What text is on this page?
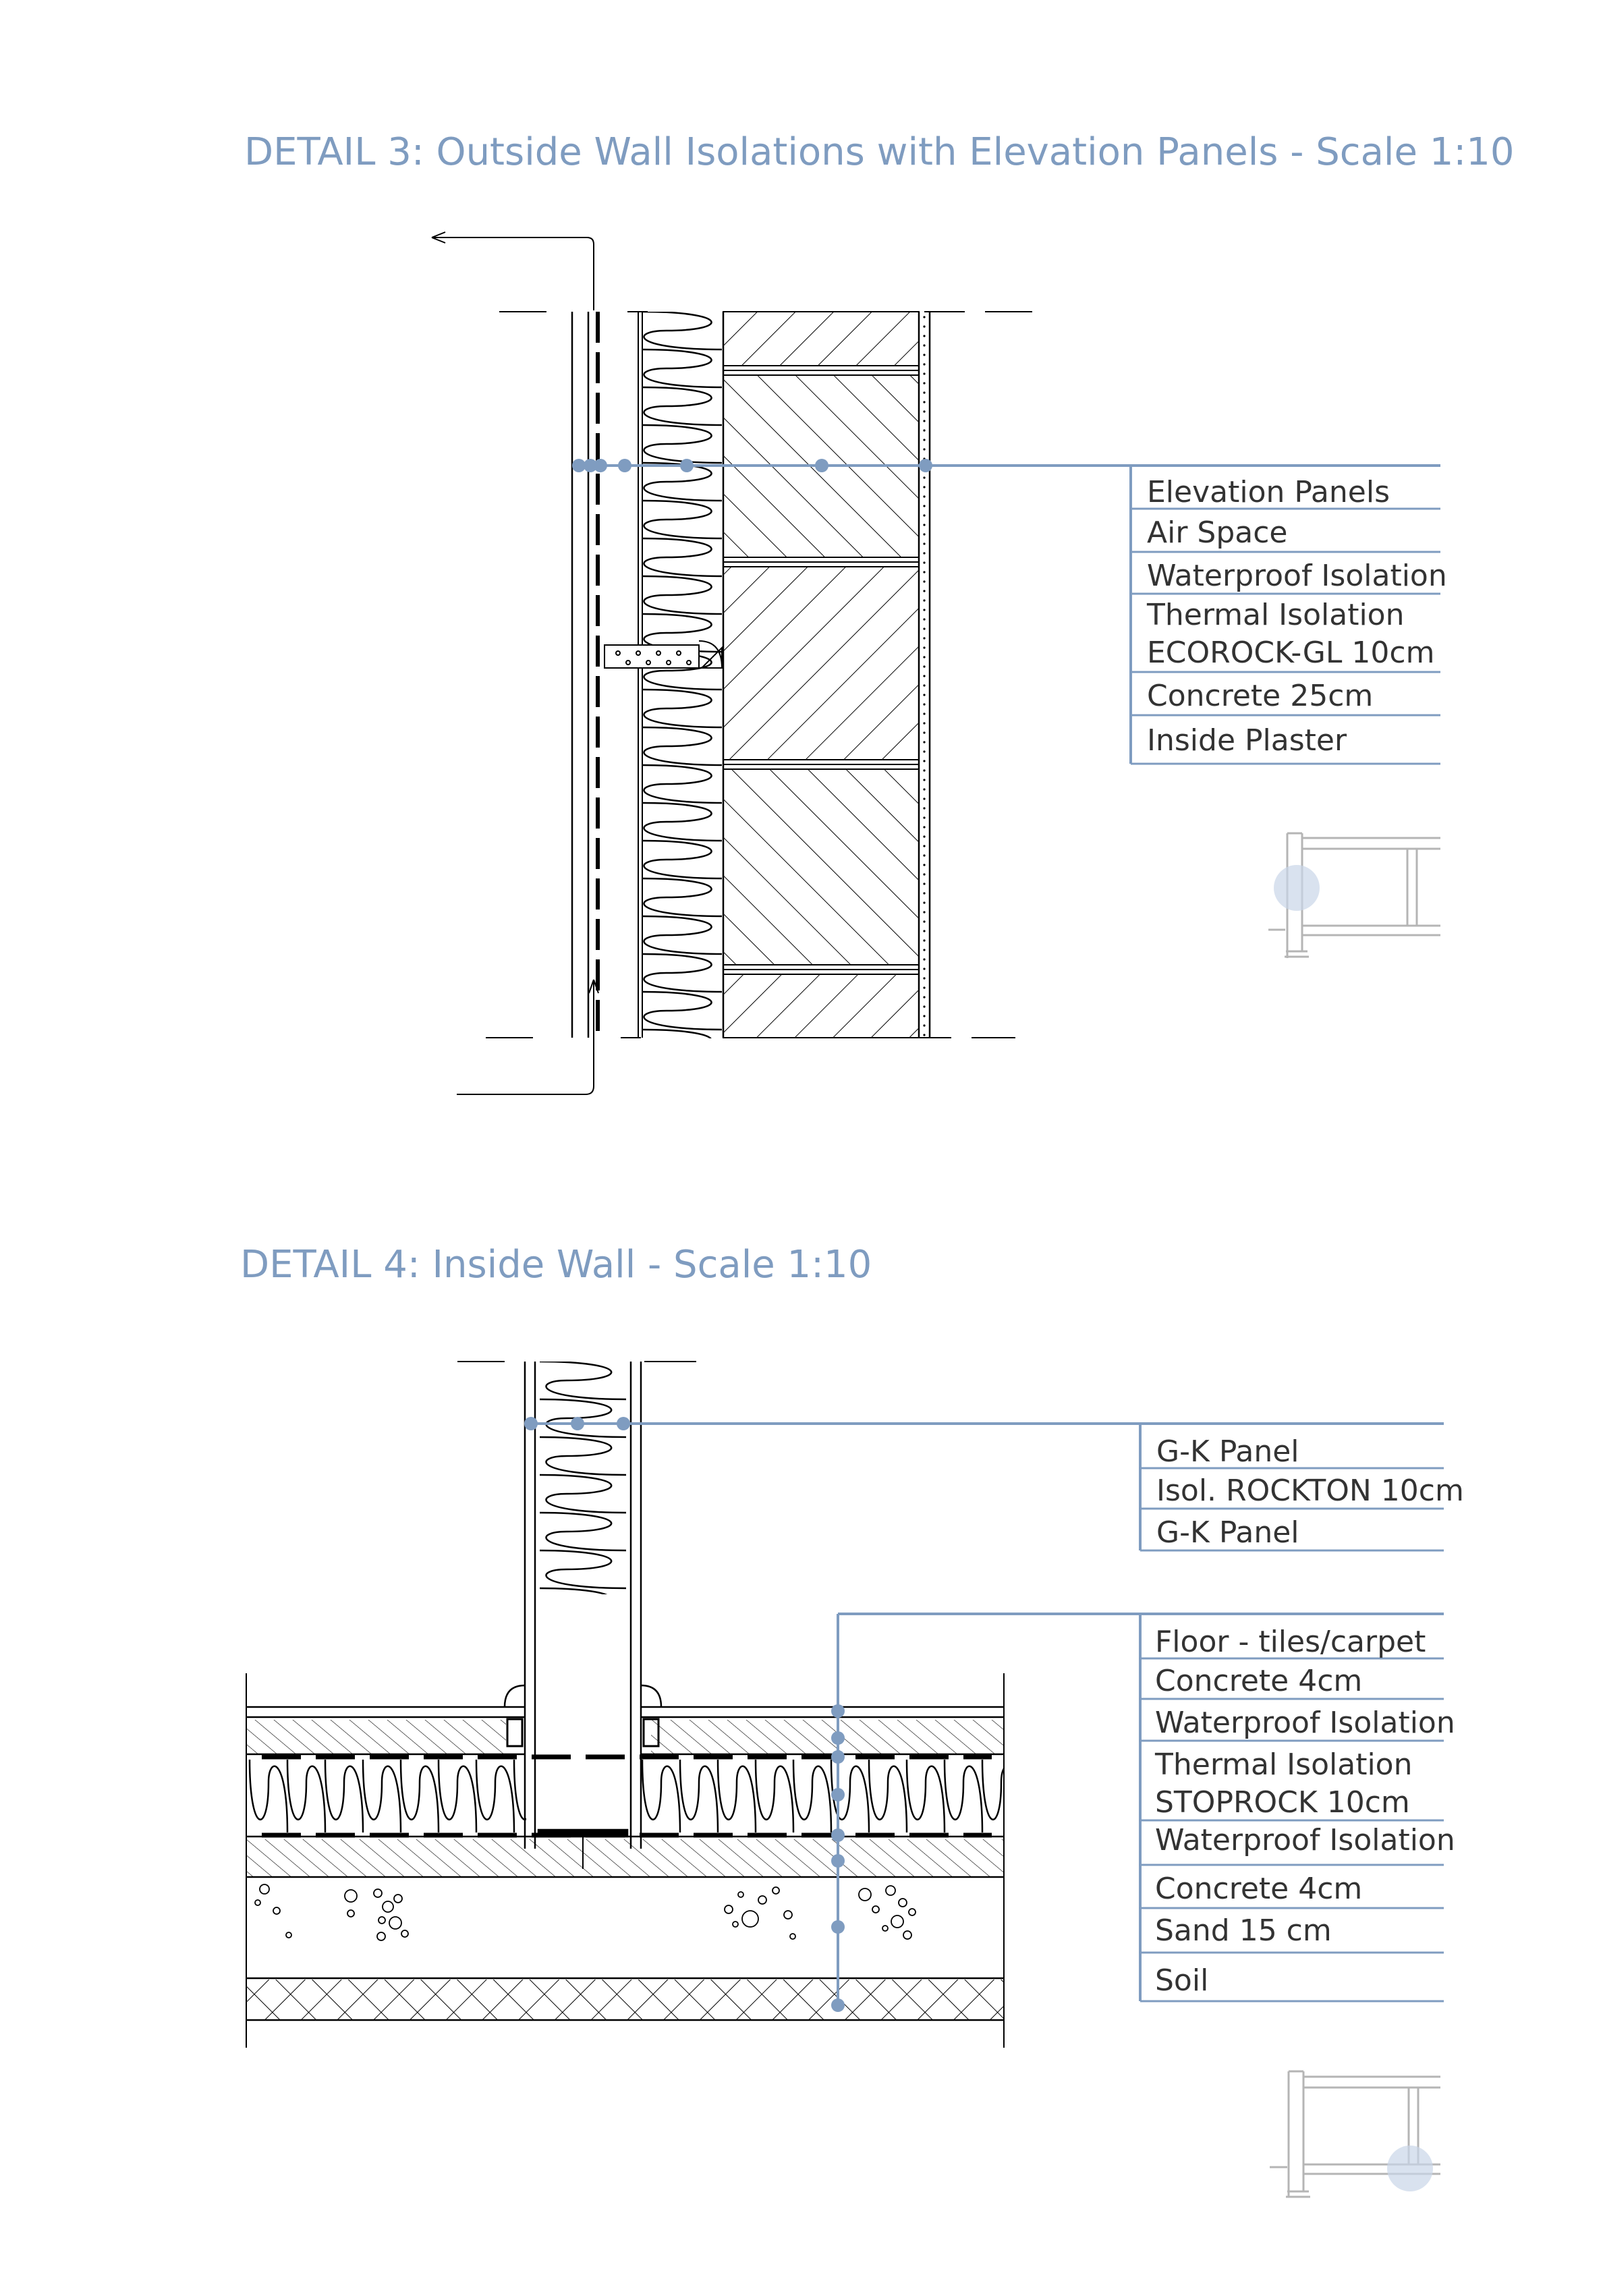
DETAIL 3: Outside Wall Isolations with Elevation Panels - Scale 1:10
Elevation Panels
Air Space
Waterproof Isolation
Thermal Isolation
ECOROCK-GL 10cm
Concrete 25cm
Inside Plaster
DETAIL 4: Inside Wall - Scale 1:10
G-K Panel
Isol. ROCKTON 10cm
G-K Panel
Floor - tiles/carpet
Concrete 4cm
Waterproof Isolation
Thermal Isolation
STOPROCK 10cm
Waterproof Isolation
Concrete 4cm
Sand 15 cm
Soil
